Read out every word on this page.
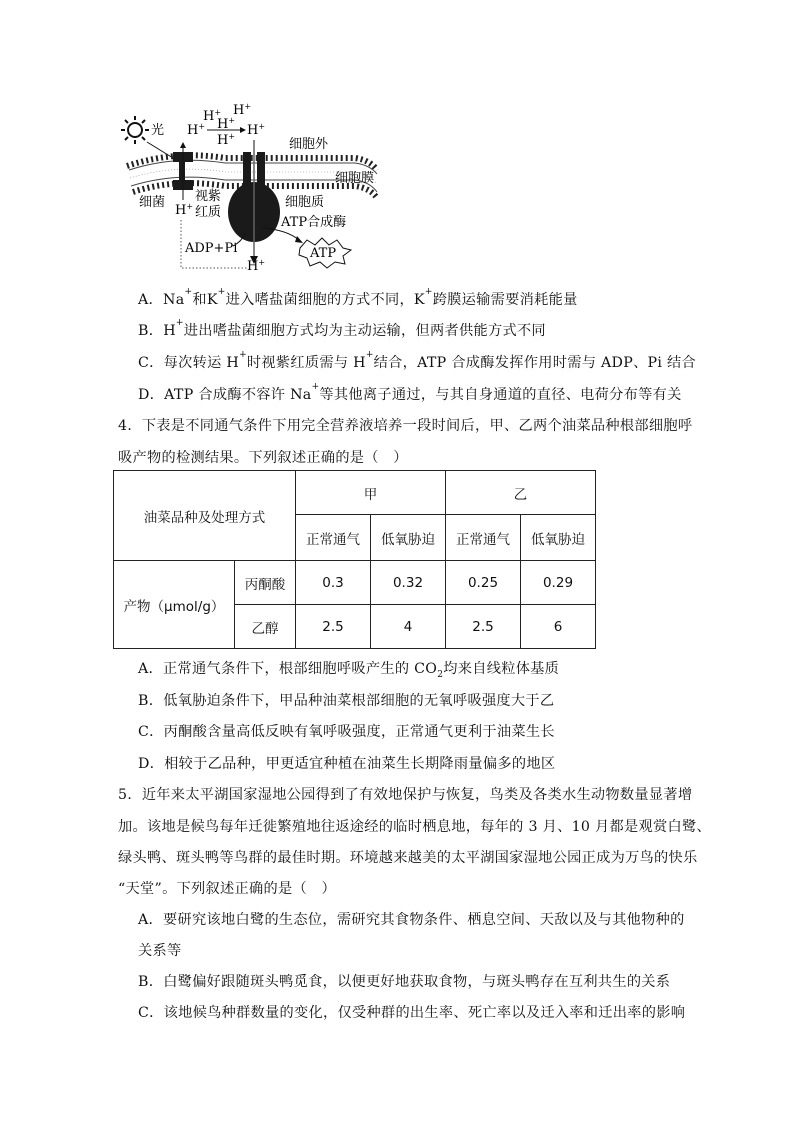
光
H+ H+
H+
H+	H+
H+
H+
细胞外
细胞膜
细菌 视紫
红质
细胞质
ATP合成酶
ADP+Pi	ATP
H+
A．Na+和K+进入嗜盐菌细胞的方式不同，K+跨膜运输需要消耗能量
B．H+进出嗜盐菌细胞方式均为主动运输，但两者供能方式不同
C．每次转运 H+时视紫红质需与 H+结合，ATP 合成酶发挥作用时需与 ADP、Pi 结合
D．ATP 合成酶不容许 Na+等其他离子通过，与其自身通道的直径、电荷分布等有关
4．下表是不同通气条件下用完全营养液培养一段时间后，甲、乙两个油菜品种根部细胞呼
吸产物的检测结果。下列叙述正确的是（　）
油菜品种及处理方式		甲		乙	
		正常通气	低氧胁迫	正常通气	低氧胁迫
产物（μmol/g）	丙酮酸	0.3	0.32	0.25	0.29
	乙醇	2.5	4	2.5	6
A．正常通气条件下，根部细胞呼吸产生的 $CO_2$均来自线粒体基质
B．低氧胁迫条件下，甲品种油菜根部细胞的无氧呼吸强度大于乙
C．丙酮酸含量高低反映有氧呼吸强度，正常通气更利于油菜生长
D．相较于乙品种，甲更适宜种植在油菜生长期降雨量偏多的地区
5．近年来太平湖国家湿地公园得到了有效地保护与恢复，鸟类及各类水生动物数量显著增
加。该地是候鸟每年迁徙繁殖地往返途经的临时栖息地，每年的 3 月、10 月都是观赏白鹭、
绿头鸭、斑头鸭等鸟群的最佳时期。环境越来越美的太平湖国家湿地公园正成为万鸟的快乐
“天堂”。下列叙述正确的是（　）
A．要研究该地白鹭的生态位，需研究其食物条件、栖息空间、天敌以及与其他物种的
关系等
B．白鹭偏好跟随斑头鸭觅食，以便更好地获取食物，与斑头鸭存在互利共生的关系
C．该地候鸟种群数量的变化，仅受种群的出生率、死亡率以及迁入率和迁出率的影响
